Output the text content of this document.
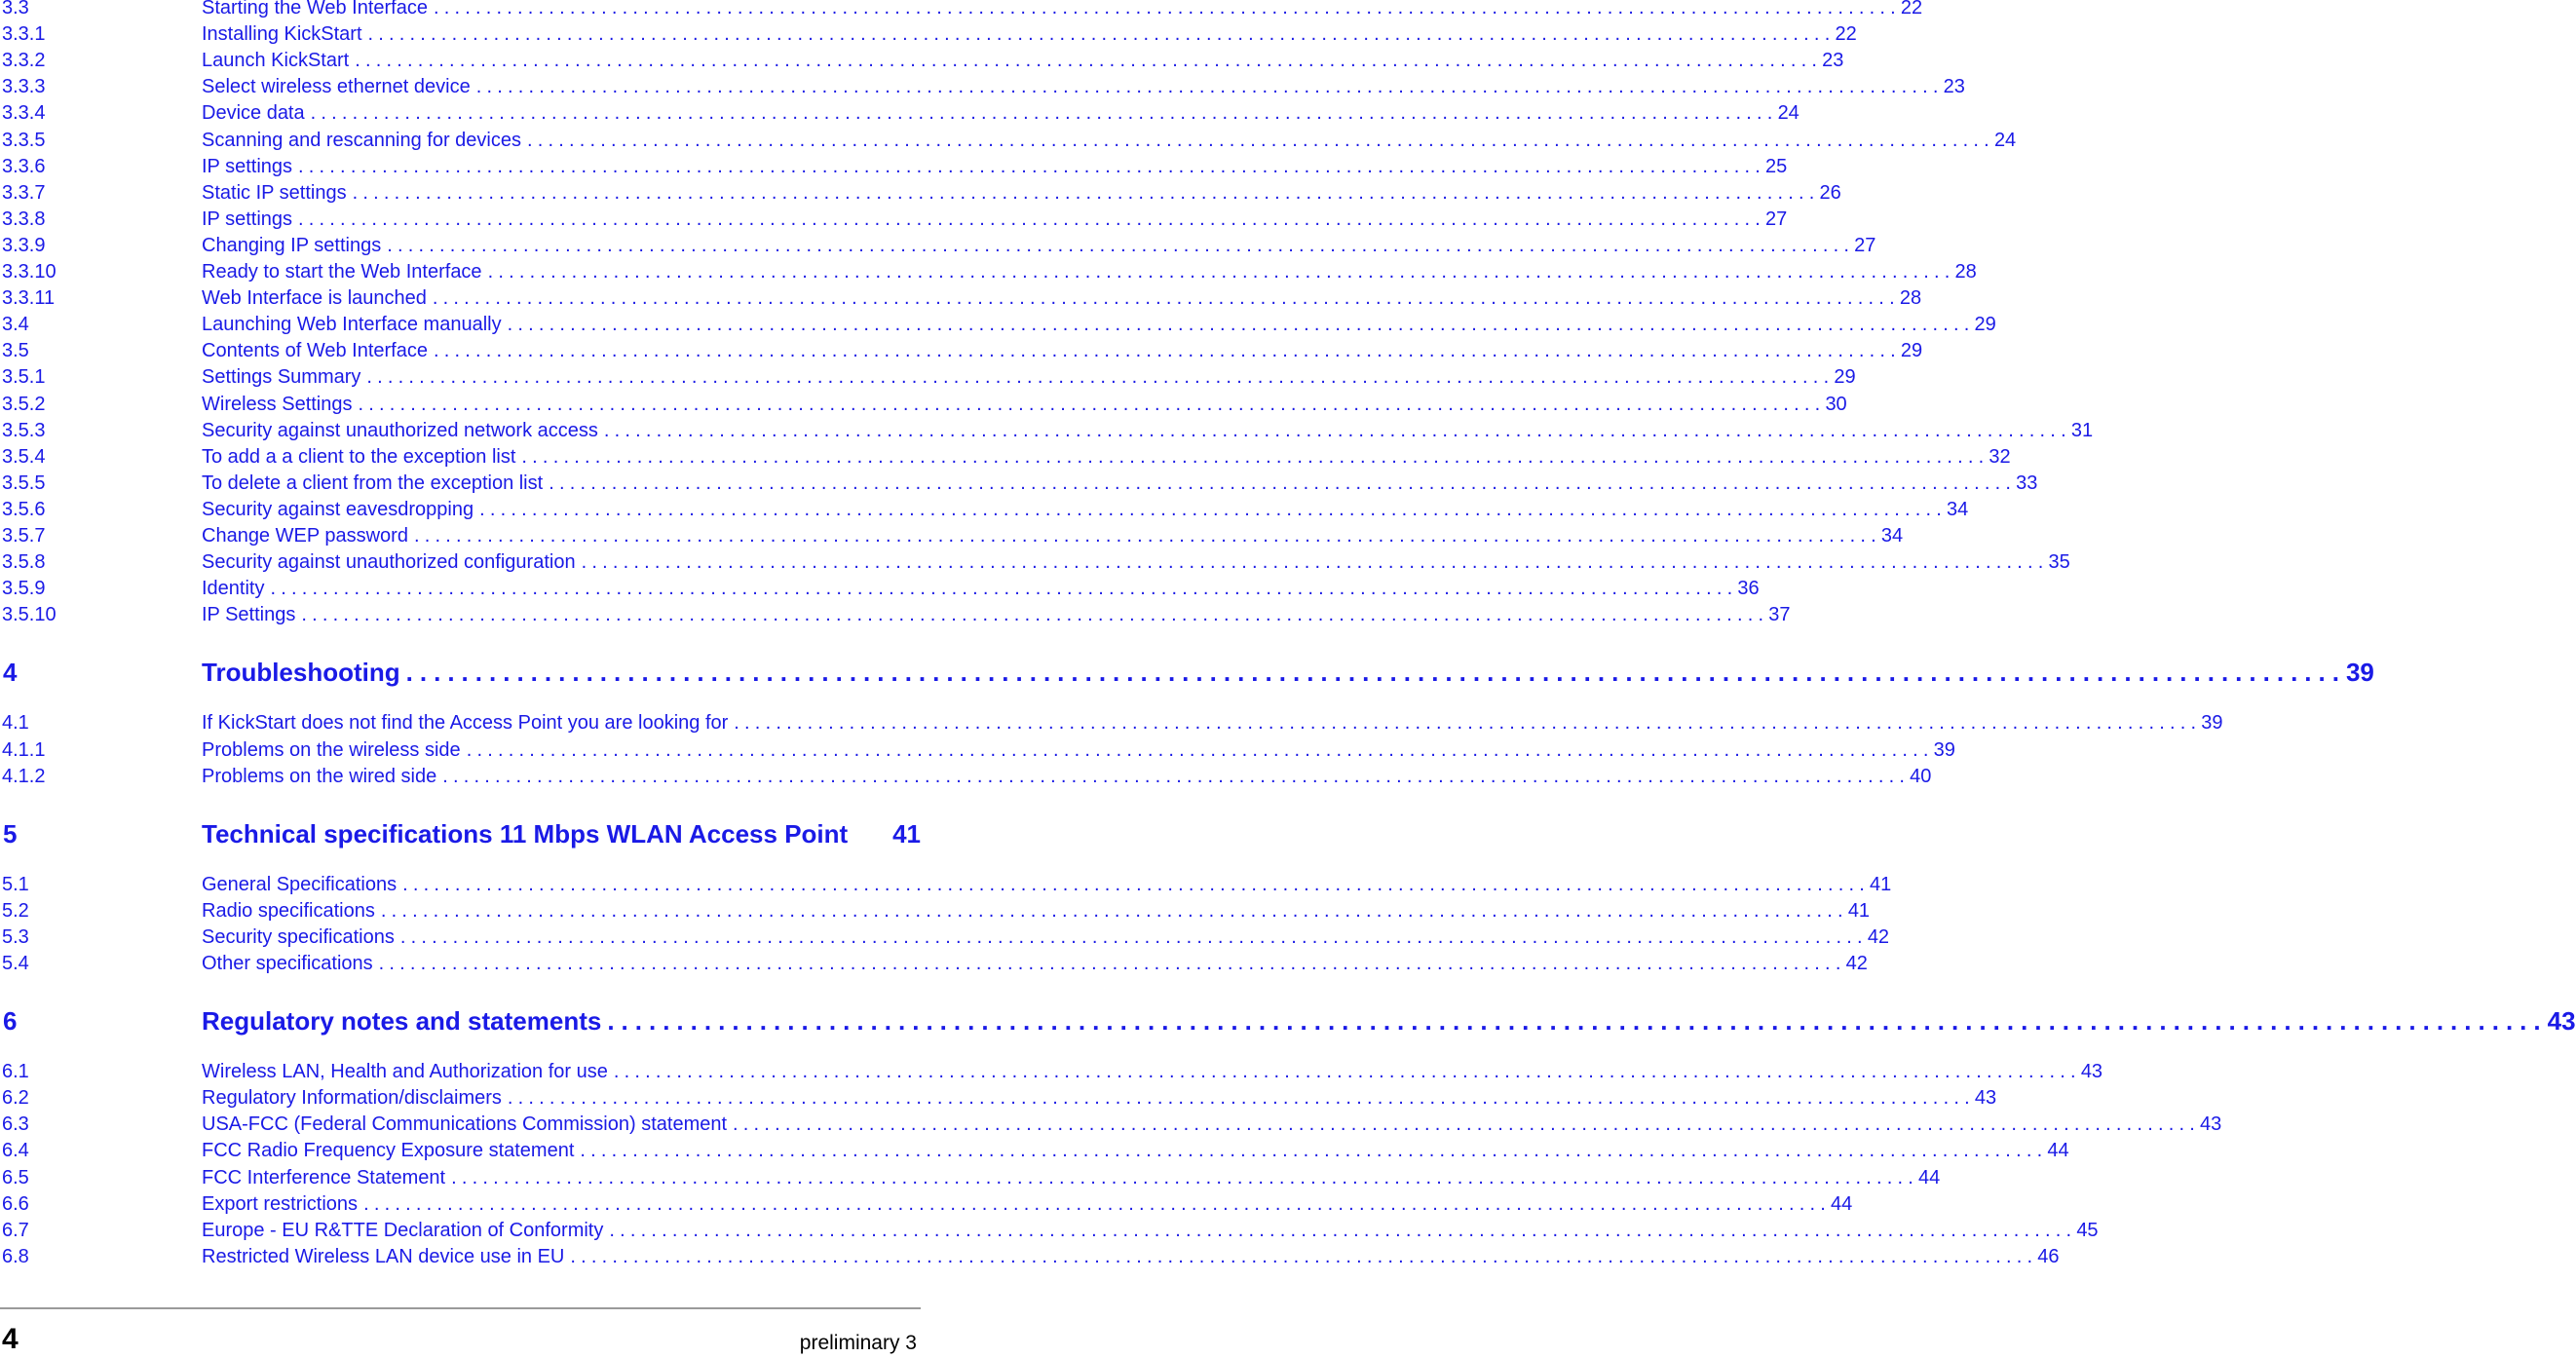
3.3	Starting the Web Interface ............................................................................................................................................ 22
3.3.1	Installing KickStart ............................................................................................................................................ 22
3.3.2	Launch KickStart ............................................................................................................................................ 23
3.3.3	Select wireless ethernet device ............................................................................................................................................ 23
3.3.4	Device data ............................................................................................................................................ 24
3.3.5	Scanning and rescanning for devices ............................................................................................................................................ 24
3.3.6	IP settings ............................................................................................................................................ 25
3.3.7	Static IP settings ............................................................................................................................................ 26
3.3.8	IP settings ............................................................................................................................................ 27
3.3.9	Changing IP settings ............................................................................................................................................ 27
3.3.10	Ready to start the Web Interface ............................................................................................................................................ 28
3.3.11	Web Interface is launched ............................................................................................................................................ 28
3.4	Launching Web Interface manually ............................................................................................................................................ 29
3.5	Contents of Web Interface ............................................................................................................................................ 29
3.5.1	Settings Summary ............................................................................................................................................ 29
3.5.2	Wireless Settings ............................................................................................................................................ 30
3.5.3	Security against unauthorized network access ............................................................................................................................................ 31
3.5.4	To add a a client to the exception list ............................................................................................................................................ 32
3.5.5	To delete a client from the exception list ............................................................................................................................................ 33
3.5.6	Security against eavesdropping ............................................................................................................................................ 34
3.5.7	Change WEP password ............................................................................................................................................ 34
3.5.8	Security against unauthorized configuration ............................................................................................................................................ 35
3.5.9	Identity ............................................................................................................................................ 36
3.5.10	IP Settings ............................................................................................................................................ 37
4	Troubleshooting ............................................................................................................................................ 39
4.1	If KickStart does not find the Access Point you are looking for ............................................................................................................................................ 39
4.1.1	Problems on the wireless side ............................................................................................................................................ 39
4.1.2	Problems on the wired side ............................................................................................................................................ 40
5	Technical specifications 11 Mbps WLAN Access Point 41
5.1	General Specifications ............................................................................................................................................ 41
5.2	Radio specifications ............................................................................................................................................ 41
5.3	Security specifications ............................................................................................................................................ 42
5.4	Other specifications ............................................................................................................................................ 42
6	Regulatory notes and statements ............................................................................................................................................ 43
6.1	Wireless LAN, Health and Authorization for use ............................................................................................................................................ 43
6.2	Regulatory Information/disclaimers ............................................................................................................................................ 43
6.3	USA-FCC (Federal Communications Commission) statement ............................................................................................................................................ 43
6.4	FCC Radio Frequency Exposure statement ............................................................................................................................................ 44
6.5	FCC Interference Statement ............................................................................................................................................ 44
6.6	Export restrictions ............................................................................................................................................ 44
6.7	Europe - EU R&TTE Declaration of Conformity ............................................................................................................................................ 45
6.8	Restricted Wireless LAN device use in EU ............................................................................................................................................ 46
4	preliminary 3
